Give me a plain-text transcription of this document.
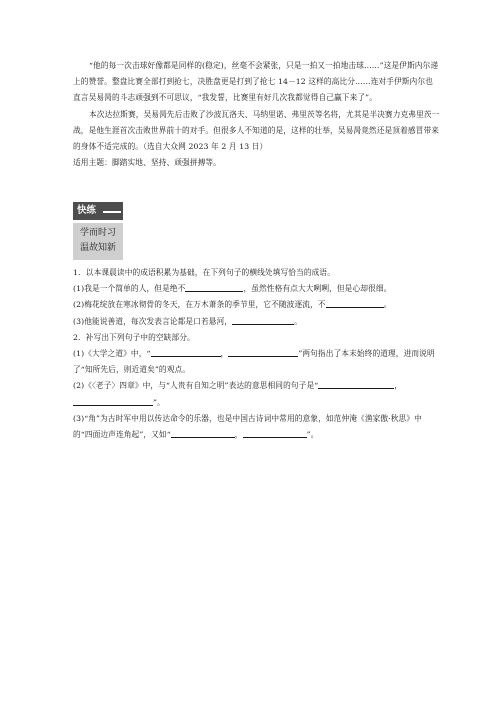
“他的每一次击球好像都是同样的(稳定)，丝毫不会紧张，只是一拍又一拍地击球……”这是伊斯内尔递上的赞誉。整盘比赛全部打到抢七，决胜盘更是打到了抢七 14－12 这样的高比分……连对手伊斯内尔也直言吴易昺的斗志顽强到不可思议，“我发誓，比赛里有好几次我都觉得自己赢下来了”。

本次达拉斯赛，吴易昺先后击败了沙波瓦洛夫、马纳里诺、弗里茨等名将，尤其是半决赛力克弗里茨一战，是他生涯首次击败世界前十的对手。但很多人不知道的是，这样的壮举，吴易昺竟然还是顶着感冒带来的身体不适完成的。（选自大众网 2023 年 2 月 13 日）

适用主题：脚踏实地、坚持、顽强拼搏等。

快练
学而时习
温故知新

1．以本课晨读中的成语积累为基础，在下列句子的横线处填写恰当的成语。

(1)我是一个简单的人，但是绝不	，虽然性格有点大大咧咧，但是心却很细。

(2)梅花绽放在寒冰彻骨的冬天，在万木萧条的季节里，它不随波逐流，不	。

(3)他能说善道，每次发表言论都是口若悬河，	。

2．补写出下列句子中的空缺部分。

(1)《大学之道》中，“	，	”两句指出了本末始终的道理，进而说明了“知所先后，则近道矣”的观点。

(2)《〈老子〉四章》中，与“人贵有自知之明”表达的意思相同的句子是“	，”。

(3)“角”为古时军中用以传达命令的乐器，也是中国古诗词中常用的意象，如范仲淹《渔家傲·秋思》中的“四面边声连角起”，又如“	，	”。
